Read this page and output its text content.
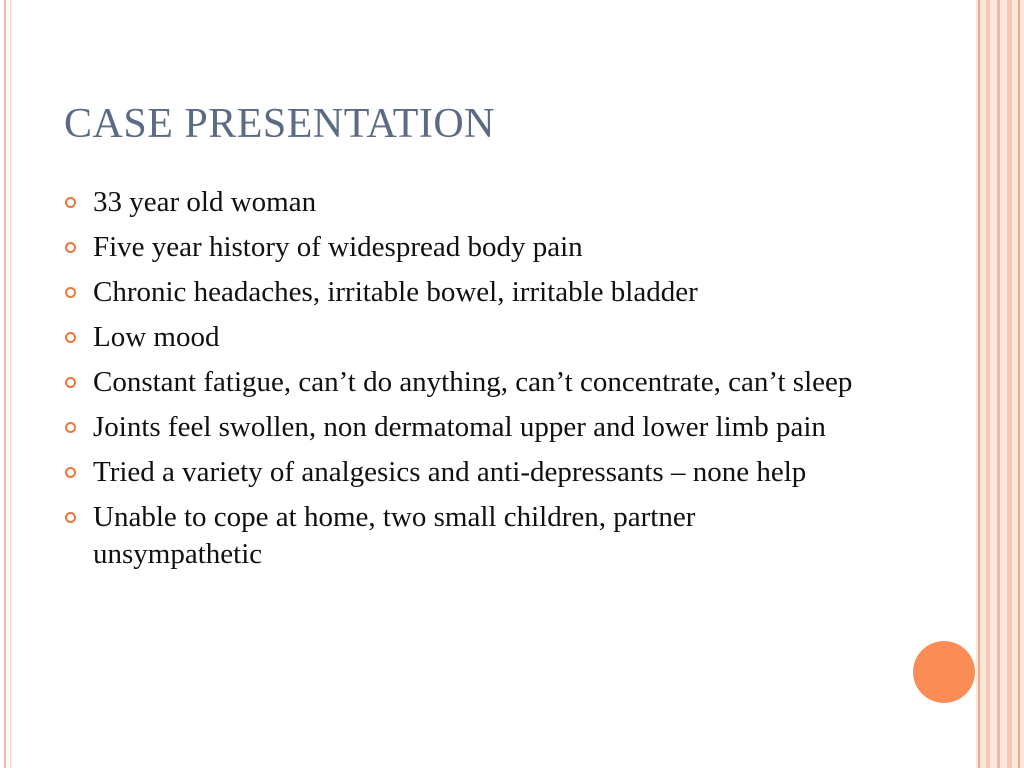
CASE PRESENTATION
33 year old woman
Five year history of widespread body pain
Chronic headaches, irritable bowel, irritable bladder
Low mood
Constant fatigue, can’t do anything, can’t concentrate, can’t sleep
Joints feel swollen, non dermatomal upper and lower limb pain
Tried a variety of analgesics and anti-depressants – none help
Unable to cope at home, two small children, partner unsympathetic
